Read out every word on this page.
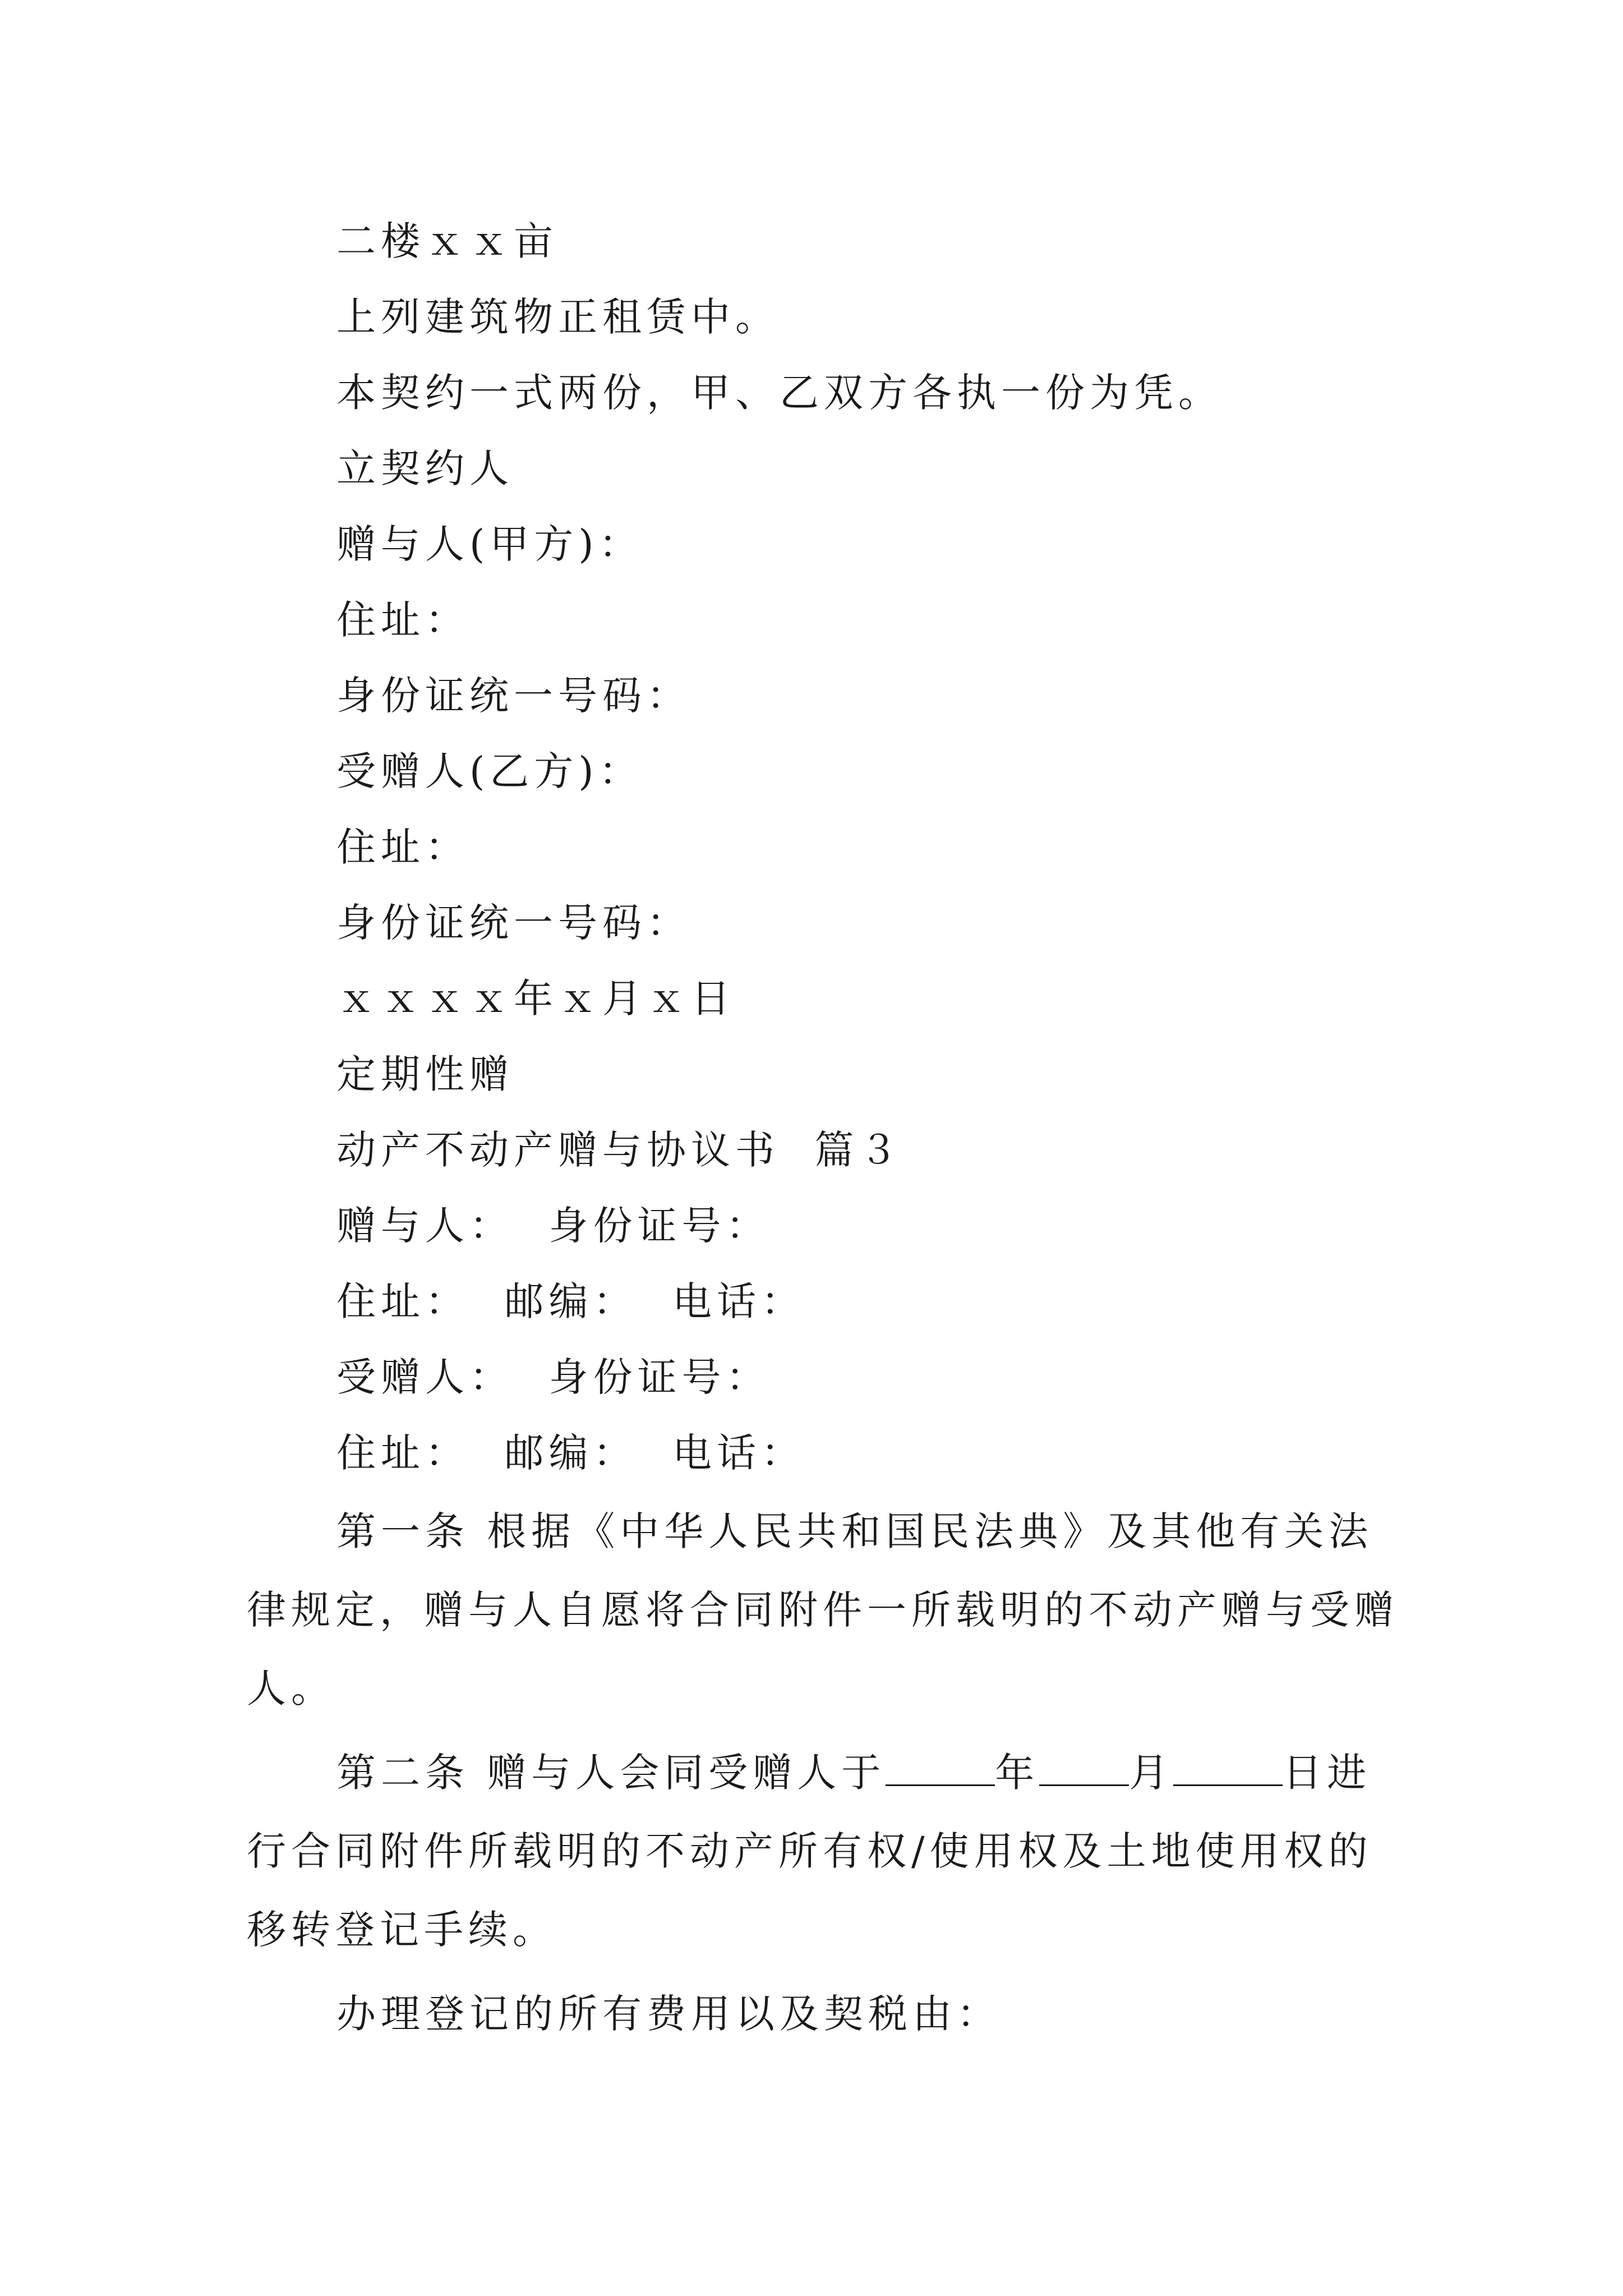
二楼ｘｘ亩
上列建筑物正租赁中。
本契约一式两份，甲、乙双方各执一份为凭。
立契约人
赠与人(甲方)：
住址：
身份证统一号码：
受赠人(乙方)：
住址：
身份证统一号码：
ｘｘｘｘ年ｘ月ｘ日
定期性赠
动产不动产赠与协议书  篇３
赠与人：  身份证号：
住址：  邮编：  电话：
受赠人：  身份证号：
住址：  邮编：  电话：
第一条 根据《中华人民共和国民法典》及其他有关法
律规定，赠与人自愿将合同附件一所载明的不动产赠与受赠
人。
第二条 赠与人会同受赠人于	年 月	日进
行合同附件所载明的不动产所有权/使用权及土地使用权的
移转登记手续。
办理登记的所有费用以及契税由：
